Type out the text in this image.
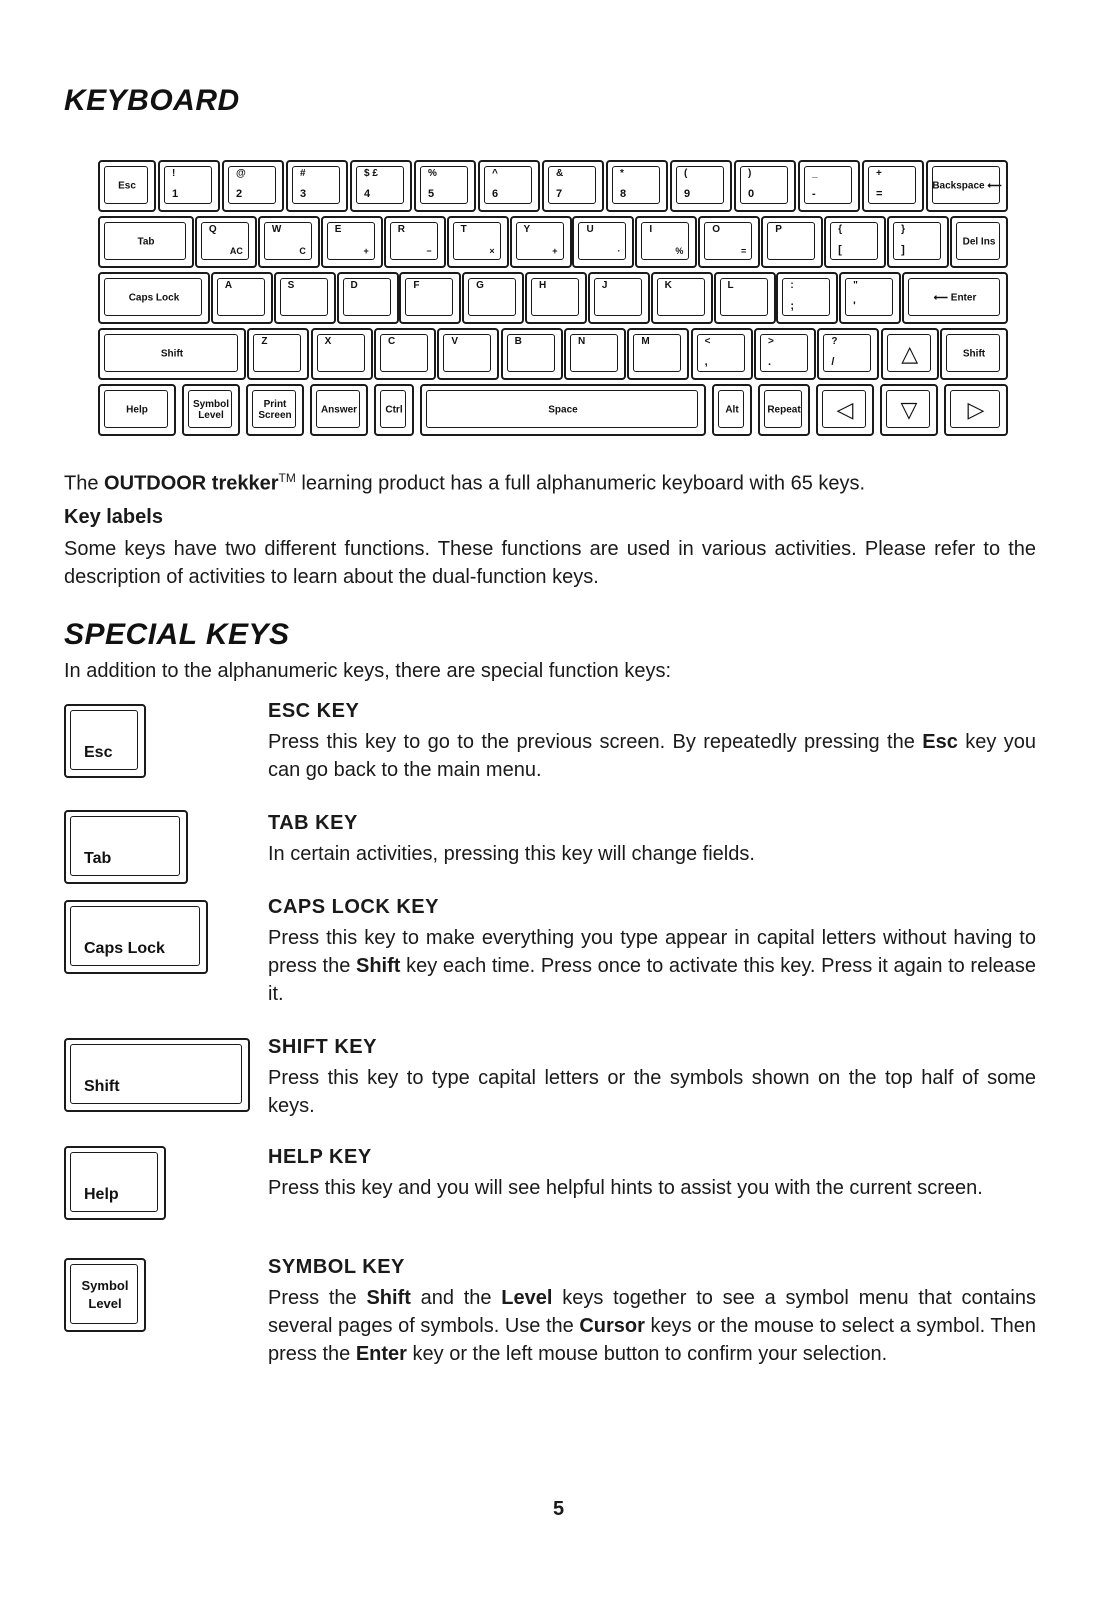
KEYBOARD
Esc
!
1
@
2
#
3
$ £
4
%
5
^
6
&
7
*
8
(
9
)
0
_
-
+
=
Backspace ⟵
Tab
Q
AC
W
C
E
+
R
−
T
×
Y
+
U
·
I
%
O
=
P	{
[
}
]
Del Ins
Caps Lock
A	S	D	F	G	H	J	K	L	:
;
"
'
⟵ Enter
Shift
Z	X	C	V	B	N	M	<
,
>
.
?
/	△	Shift
Help	Symbol Level
Print Screen	Answer	Ctrl	Space	Alt	Repeat	◁	▽	▷

The OUTDOOR trekker™ learning product has a full alphanumeric keyboard with 65 keys.

Key labels

Some keys have two different functions. These functions are used in various activities. Please refer to the description of activities to learn about the dual-function keys.

SPECIAL KEYS

In addition to the alphanumeric keys, there are special function keys:

Esc
ESC KEY

Press this key to go to the previous screen. By repeatedly pressing the Esc key you can go back to the main menu.

Tab
TAB KEY

In certain activities, pressing this key will change fields.

Caps Lock
CAPS LOCK KEY

Press this key to make everything you type appear in capital letters without having to press the Shift key each time. Press once to activate this key. Press it again to release it.

Shift
SHIFT KEY

Press this key to type capital letters or the symbols shown on the top half of some keys.

Help
HELP KEY

Press this key and you will see helpful hints to assist you with the current screen.

Symbol
Level
SYMBOL KEY

Press the Shift and the Level keys together to see a symbol menu that contains several pages of symbols. Use the Cursor keys or the mouse to select a symbol. Then press the Enter key or the left mouse button to confirm your selection.

5
